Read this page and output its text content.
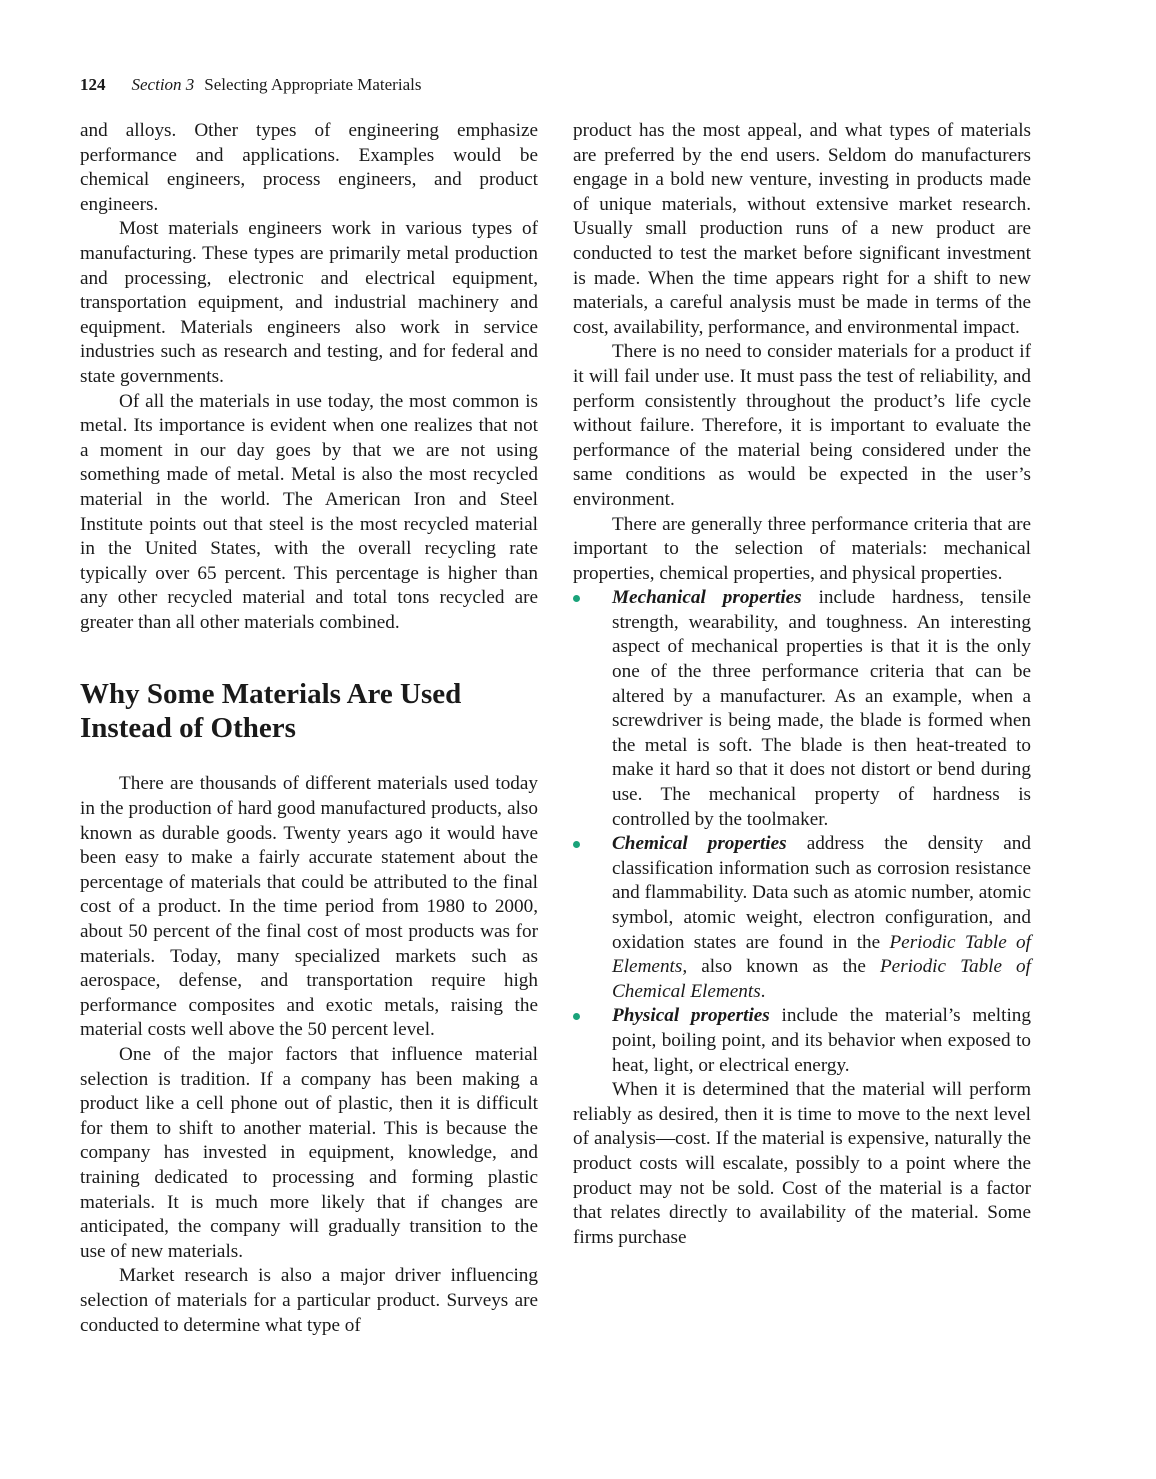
124 Section 3 Selecting Appropriate Materials

and alloys. Other types of engineering emphasize performance and applications. Examples would be chemical engineers, process engineers, and product engineers.

Most materials engineers work in various types of manufacturing. These types are primarily metal production and processing, electronic and electrical equipment, transportation equipment, and industrial machinery and equipment. Materials engineers also work in service industries such as research and testing, and for federal and state governments.

Of all the materials in use today, the most common is metal. Its importance is evident when one realizes that not a moment in our day goes by that we are not using something made of metal. Metal is also the most recycled material in the world. The American Iron and Steel Institute points out that steel is the most recycled material in the United States, with the overall recycling rate typically over 65 percent. This percentage is higher than any other recycled material and total tons recycled are greater than all other materials combined.

Why Some Materials Are Used Instead of Others

There are thousands of different materials used today in the production of hard good manufactured products, also known as durable goods. Twenty years ago it would have been easy to make a fairly accurate statement about the percentage of materials that could be attributed to the final cost of a product. In the time period from 1980 to 2000, about 50 percent of the final cost of most products was for materials. Today, many specialized markets such as aerospace, defense, and transportation require high performance composites and exotic metals, raising the material costs well above the 50 percent level.

One of the major factors that influence material selection is tradition. If a company has been making a product like a cell phone out of plastic, then it is difficult for them to shift to another material. This is because the company has invested in equipment, knowledge, and training dedicated to processing and forming plastic materials. It is much more likely that if changes are anticipated, the company will gradually transition to the use of new materials.

Market research is also a major driver influencing selection of materials for a particular product. Surveys are conducted to determine what type of

product has the most appeal, and what types of materials are preferred by the end users. Seldom do manufacturers engage in a bold new venture, investing in products made of unique materials, without extensive market research. Usually small production runs of a new product are conducted to test the market before significant investment is made. When the time appears right for a shift to new materials, a careful analysis must be made in terms of the cost, availability, performance, and environmental impact.

There is no need to consider materials for a product if it will fail under use. It must pass the test of reliability, and perform consistently throughout the product’s life cycle without failure. Therefore, it is important to evaluate the performance of the material being considered under the same conditions as would be expected in the user’s environment.

There are generally three performance criteria that are important to the selection of materials: mechanical properties, chemical properties, and physical properties.

Mechanical properties include hardness, tensile strength, wearability, and toughness. An interesting aspect of mechanical properties is that it is the only one of the three performance criteria that can be altered by a manufacturer. As an example, when a screwdriver is being made, the blade is formed when the metal is soft. The blade is then heat-treated to make it hard so that it does not distort or bend during use. The mechanical property of hardness is controlled by the toolmaker.
Chemical properties address the density and classification information such as corrosion resistance and flammability. Data such as atomic number, atomic symbol, atomic weight, electron configuration, and oxidation states are found in the Periodic Table of Elements, also known as the Periodic Table of Chemical Elements.
Physical properties include the material’s melting point, boiling point, and its behavior when exposed to heat, light, or electrical energy.

When it is determined that the material will perform reliably as desired, then it is time to move to the next level of analysis—cost. If the material is expensive, naturally the product costs will escalate, possibly to a point where the product may not be sold. Cost of the material is a factor that relates directly to availability of the material. Some firms purchase
